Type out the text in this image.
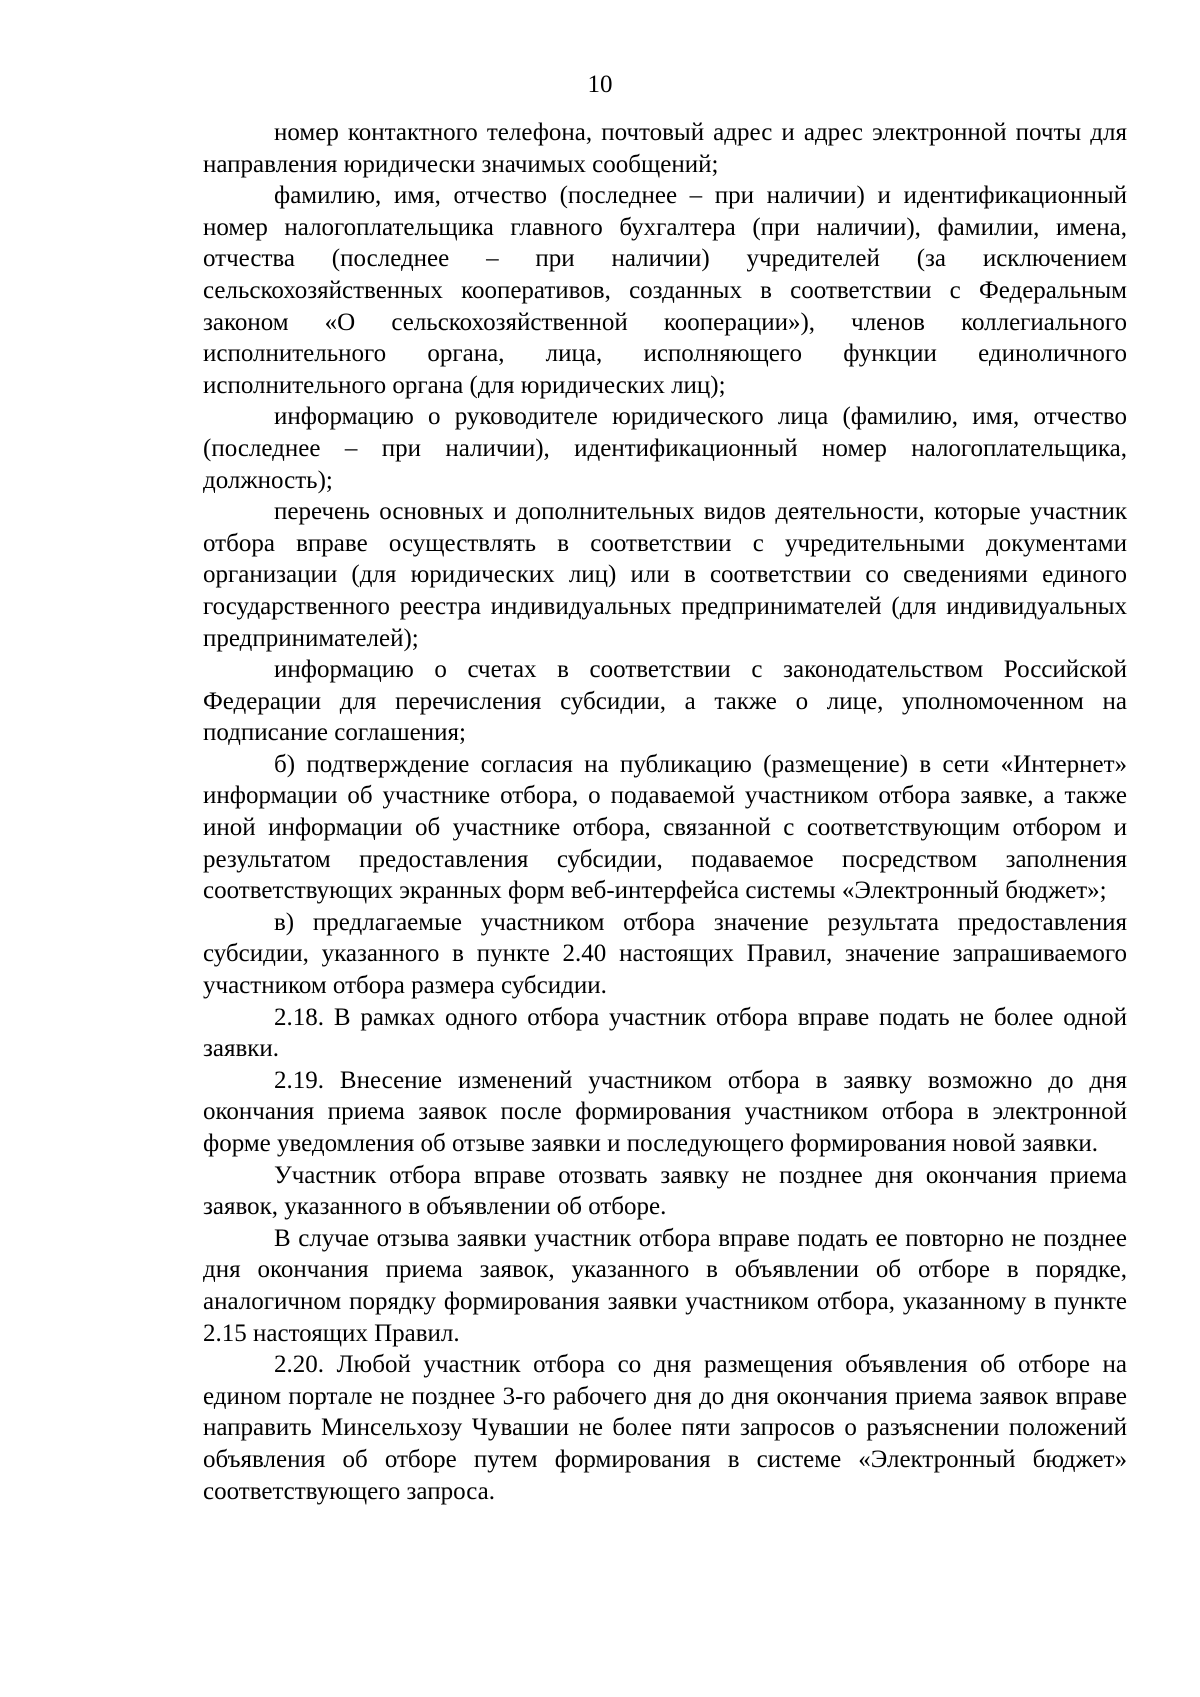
10

номер контактного телефона, почтовый адрес и адрес электронной почты для направления юридически значимых сообщений;

фамилию, имя, отчество (последнее – при наличии) и идентификационный номер налогоплательщика главного бухгалтера (при наличии), фамилии, имена, отчества (последнее – при наличии) учредителей (за исключением сельскохозяйственных кооперативов, созданных в соответствии с Федеральным законом «О сельскохозяйственной кооперации»), членов коллегиального исполнительного органа, лица, исполняющего функции единоличного исполнительного органа (для юридических лиц);

информацию о руководителе юридического лица (фамилию, имя, отчество (последнее – при наличии), идентификационный номер налогоплательщика, должность);

перечень основных и дополнительных видов деятельности, которые участник отбора вправе осуществлять в соответствии с учредительными документами организации (для юридических лиц) или в соответствии со сведениями единого государственного реестра индивидуальных предпринимателей (для индивидуальных предпринимателей);

информацию о счетах в соответствии с законодательством Российской Федерации для перечисления субсидии, а также о лице, уполномоченном на подписание соглашения;

б) подтверждение согласия на публикацию (размещение) в сети «Интернет» информации об участнике отбора, о подаваемой участником отбора заявке, а также иной информации об участнике отбора, связанной с соответствующим отбором и результатом предоставления субсидии, подаваемое посредством заполнения соответствующих экранных форм веб-интерфейса системы «Электронный бюджет»;

в) предлагаемые участником отбора значение результата предоставления субсидии, указанного в пункте 2.40 настоящих Правил, значение запрашиваемого участником отбора размера субсидии.

2.18. В рамках одного отбора участник отбора вправе подать не более одной заявки.

2.19. Внесение изменений участником отбора в заявку возможно до дня окончания приема заявок после формирования участником отбора в электронной форме уведомления об отзыве заявки и последующего формирования новой заявки.

Участник отбора вправе отозвать заявку не позднее дня окончания приема заявок, указанного в объявлении об отборе.

В случае отзыва заявки участник отбора вправе подать ее повторно не позднее дня окончания приема заявок, указанного в объявлении об отборе в порядке, аналогичном порядку формирования заявки участником отбора, указанному в пункте 2.15 настоящих Правил.

2.20. Любой участник отбора со дня размещения объявления об отборе на едином портале не позднее 3-го рабочего дня до дня окончания приема заявок вправе направить Минсельхозу Чувашии не более пяти запросов о разъяснении положений объявления об отборе путем формирования в системе «Электронный бюджет» соответствующего запроса.
